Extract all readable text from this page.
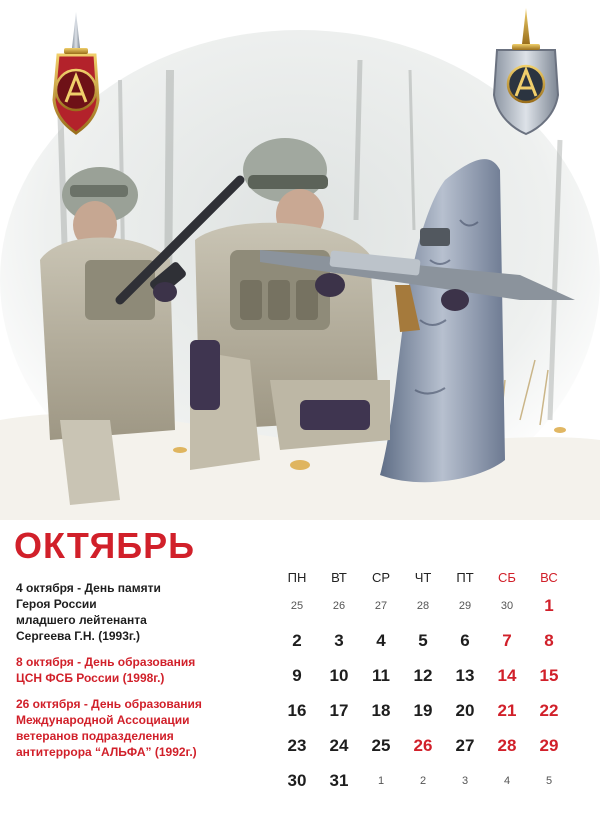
ОКТЯБРЬ
4 октября - День памяти
Героя России
младшего лейтенанта
Сергеева Г.Н. (1993г.)
8 октября - День образования
ЦСН ФСБ России (1998г.)
26 октября - День образования
Международной Ассоциации
ветеранов подразделения
антитеррора “АЛЬФА” (1992г.)
ПН	ВТ	СР	ЧТ	ПТ	СБ	ВС
25	26	27	28	29	30	1
2	3	4	5	6	7	8
9	10	11	12	13	14	15
16	17	18	19	20	21	22
23	24	25	26	27	28	29
30	31	1	2	3	4	5
